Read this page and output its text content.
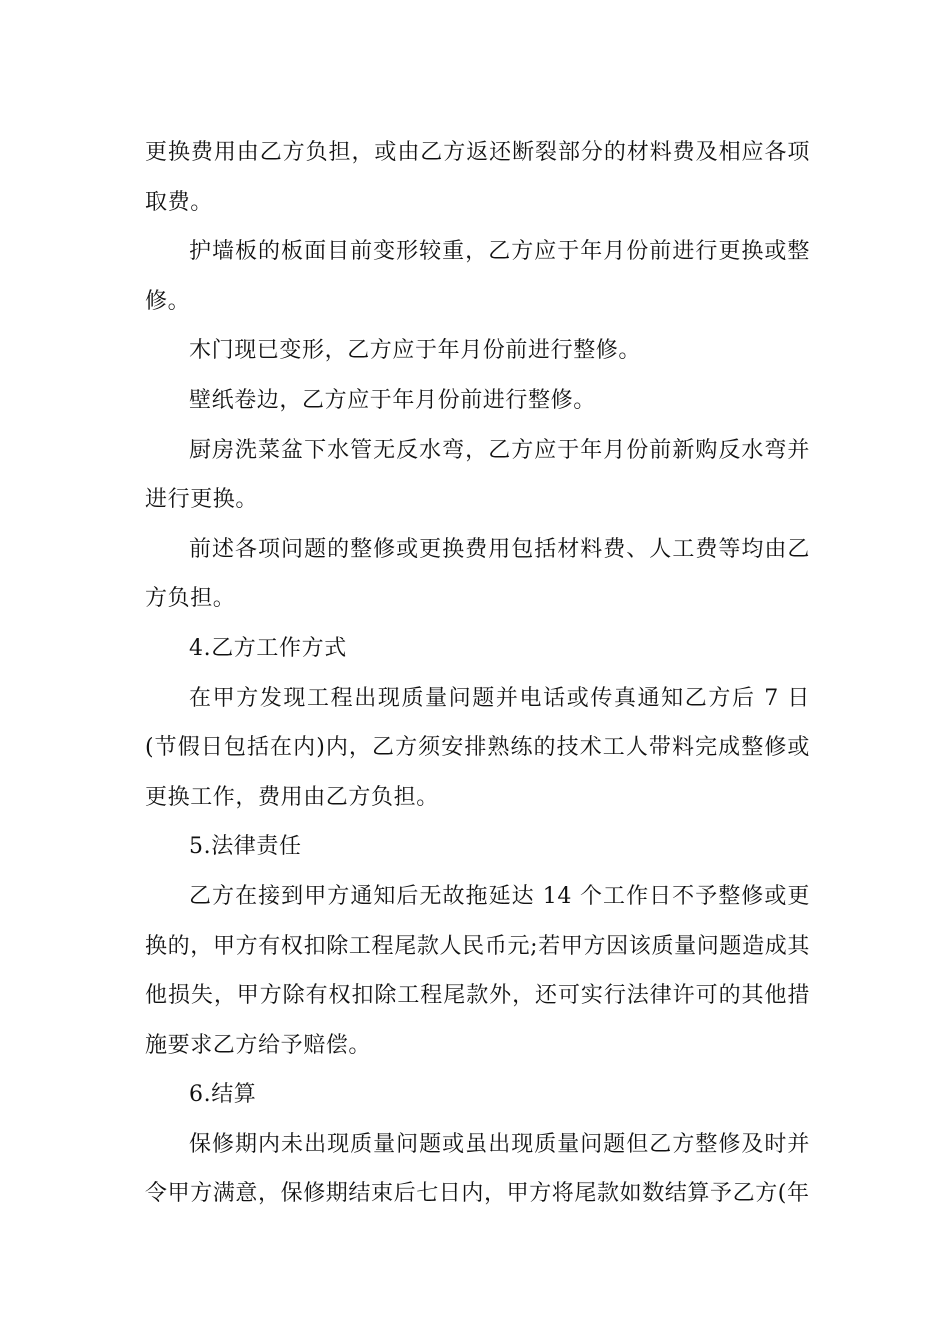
更换费用由乙方负担，或由乙方返还断裂部分的材料费及相应各项取费。

护墙板的板面目前变形较重，乙方应于年月份前进行更换或整修。

木门现已变形，乙方应于年月份前进行整修。

壁纸卷边，乙方应于年月份前进行整修。

厨房洗菜盆下水管无反水弯，乙方应于年月份前新购反水弯并进行更换。

前述各项问题的整修或更换费用包括材料费、人工费等均由乙方负担。

4.乙方工作方式

在甲方发现工程出现质量问题并电话或传真通知乙方后 7 日(节假日包括在内)内，乙方须安排熟练的技术工人带料完成整修或更换工作，费用由乙方负担。

5.法律责任

乙方在接到甲方通知后无故拖延达 14 个工作日不予整修或更换的，甲方有权扣除工程尾款人民币元;若甲方因该质量问题造成其他损失，甲方除有权扣除工程尾款外，还可实行法律许可的其他措施要求乙方给予赔偿。

6.结算

保修期内未出现质量问题或虽出现质量问题但乙方整修及时并令甲方满意，保修期结束后七日内，甲方将尾款如数结算予乙方(年
